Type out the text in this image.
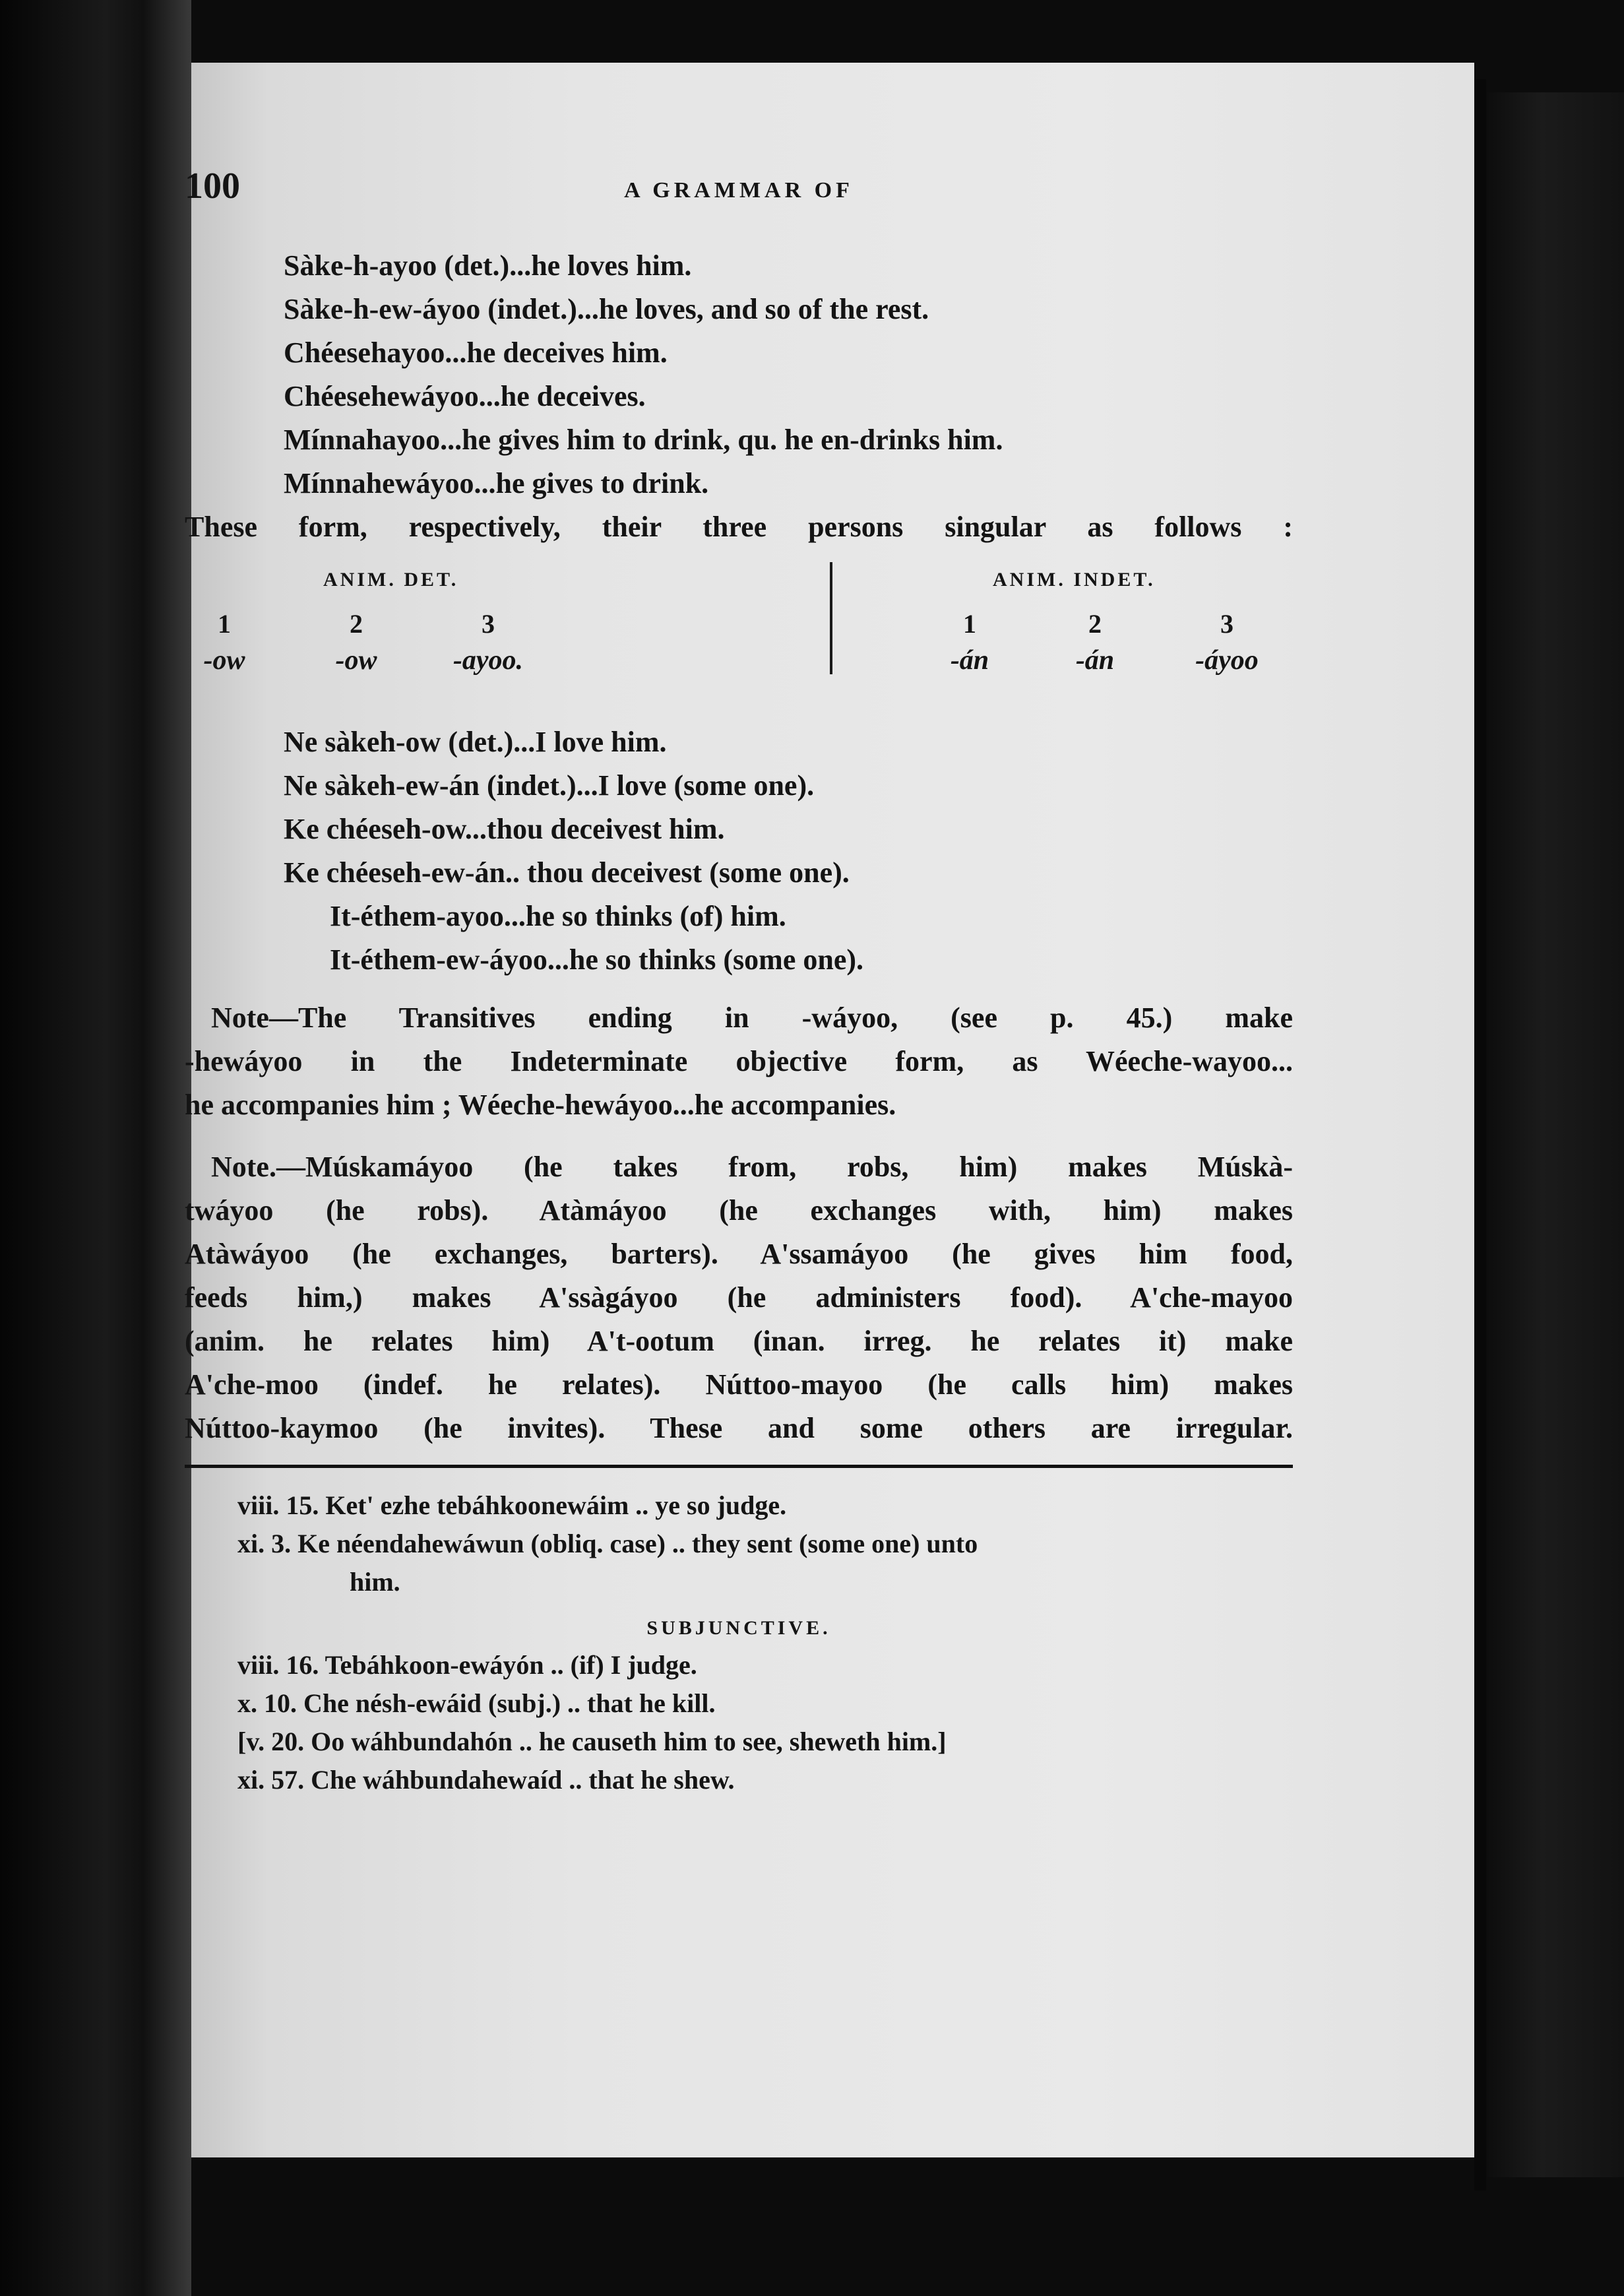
100	A GRAMMAR OF
Sàke-h-ayoo (det.)...he loves him.
Sàke-h-ew-áyoo (indet.)...he loves, and so of the rest.
Chéesehayoo...he deceives him.
Chéesehewáyoo...he deceives.
Mínnahayoo...he gives him to drink, qu. he en-drinks him.
Mínnahewáyoo...he gives to drink.
These form, respectively, their three persons singular as follows :
ANIM. DET.	ANIM. INDET.
1	2	3
-ow	-ow	-ayoo.
1	2	3
-án	-án	-áyoo
Ne sàkeh-ow (det.)...I love him.
Ne sàkeh-ew-án (indet.)...I love (some one).
Ke chéeseh-ow...thou deceivest him.
Ke chéeseh-ew-án.. thou deceivest (some one).
It-éthem-ayoo...he so thinks (of) him.
It-éthem-ew-áyoo...he so thinks (some one).
Note—The Transitives ending in -wáyoo, (see p. 45.) make
-hewáyoo in the Indeterminate objective form, as Wéeche-wayoo...
he accompanies him ; Wéeche-hewáyoo...he accompanies.
Note.—Múskamáyoo (he takes from, robs, him) makes Múskà-
twáyoo (he robs). Atàmáyoo (he exchanges with, him) makes
Atàwáyoo (he exchanges, barters). A'ssamáyoo (he gives him food,
feeds him,) makes A'ssàgáyoo (he administers food). A'che-mayoo
(anim. he relates him) A't-ootum (inan. irreg. he relates it) make
A'che-moo (indef. he relates). Núttoo-mayoo (he calls him) makes
Núttoo-kaymoo (he invites). These and some others are irregular.
viii. 15. Ket' ezhe tebáhkoonewáim .. ye so judge.
xi. 3. Ke néendahewáwun (obliq. case) .. they sent (some one) unto
him.
SUBJUNCTIVE.
viii. 16. Tebáhkoon-ewáyón .. (if) I judge.
x. 10. Che nésh-ewáid (subj.) .. that he kill.
[v. 20. Oo wáhbundahón .. he causeth him to see, sheweth him.]
xi. 57. Che wáhbundahewaíd .. that he shew.
